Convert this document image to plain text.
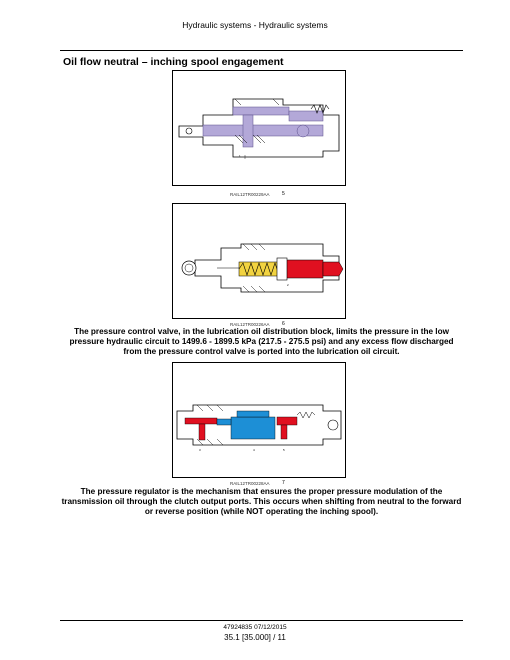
Hydraulic systems - Hydraulic systems
Oil flow neutral – inching spool engagement
1
RAIL12TR00229AA 5
2
RAIL12TR00226AA 6
The pressure control valve, in the lubrication oil distribution block, limits the pressure in the low pressure hydraulic circuit to 1499.6 - 1899.5 kPa (217.5 - 275.5 psi) and any excess flow discharged from the pressure control valve is ported into the lubrication oil circuit.
3	4	5
RAIL12TR00228AA 7
The pressure regulator is the mechanism that ensures the proper pressure modulation of the transmission oil through the clutch output ports. This occurs when shifting from neutral to the forward or reverse position (while NOT operating the inching spool).
47924835 07/12/2015
35.1 [35.000] / 11
